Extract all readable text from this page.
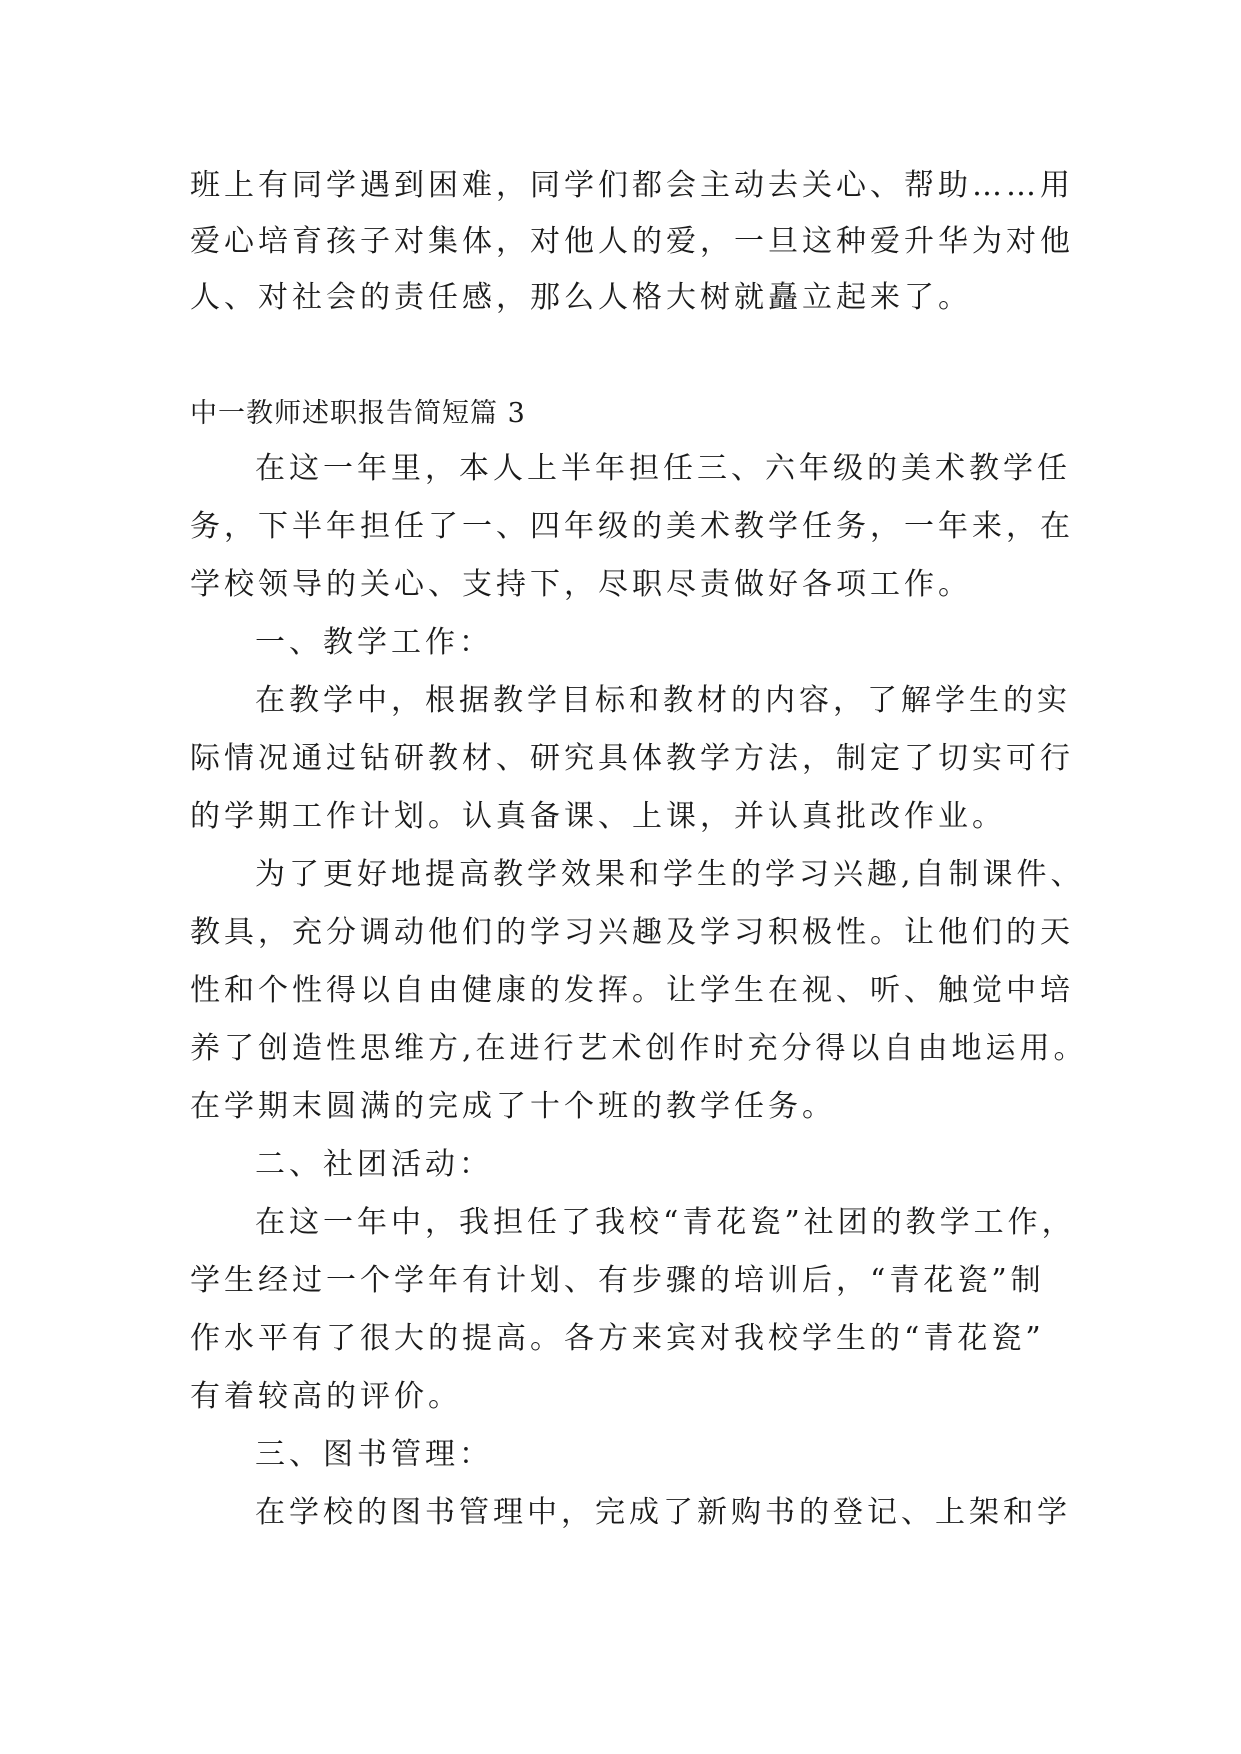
班上有同学遇到困难，同学们都会主动去关心、帮助……用
爱心培育孩子对集体，对他人的爱，一旦这种爱升华为对他
人、对社会的责任感，那么人格大树就矗立起来了。
中一教师述职报告简短篇 3
在这一年里，本人上半年担任三、六年级的美术教学任
务，下半年担任了一、四年级的美术教学任务，一年来，在
学校领导的关心、支持下，尽职尽责做好各项工作。
一、教学工作：
在教学中，根据教学目标和教材的内容，了解学生的实
际情况通过钻研教材、研究具体教学方法，制定了切实可行
的学期工作计划。认真备课、上课，并认真批改作业。
为了更好地提高教学效果和学生的学习兴趣,自制课件、
教具，充分调动他们的学习兴趣及学习积极性。让他们的天
性和个性得以自由健康的发挥。让学生在视、听、触觉中培
养了创造性思维方,在进行艺术创作时充分得以自由地运用。
在学期末圆满的完成了十个班的教学任务。
二、社团活动：
在这一年中，我担任了我校“青花瓷”社团的教学工作，
学生经过一个学年有计划、有步骤的培训后，“青花瓷”制
作水平有了很大的提高。各方来宾对我校学生的“青花瓷”
有着较高的评价。
三、图书管理：
在学校的图书管理中，完成了新购书的登记、上架和学
